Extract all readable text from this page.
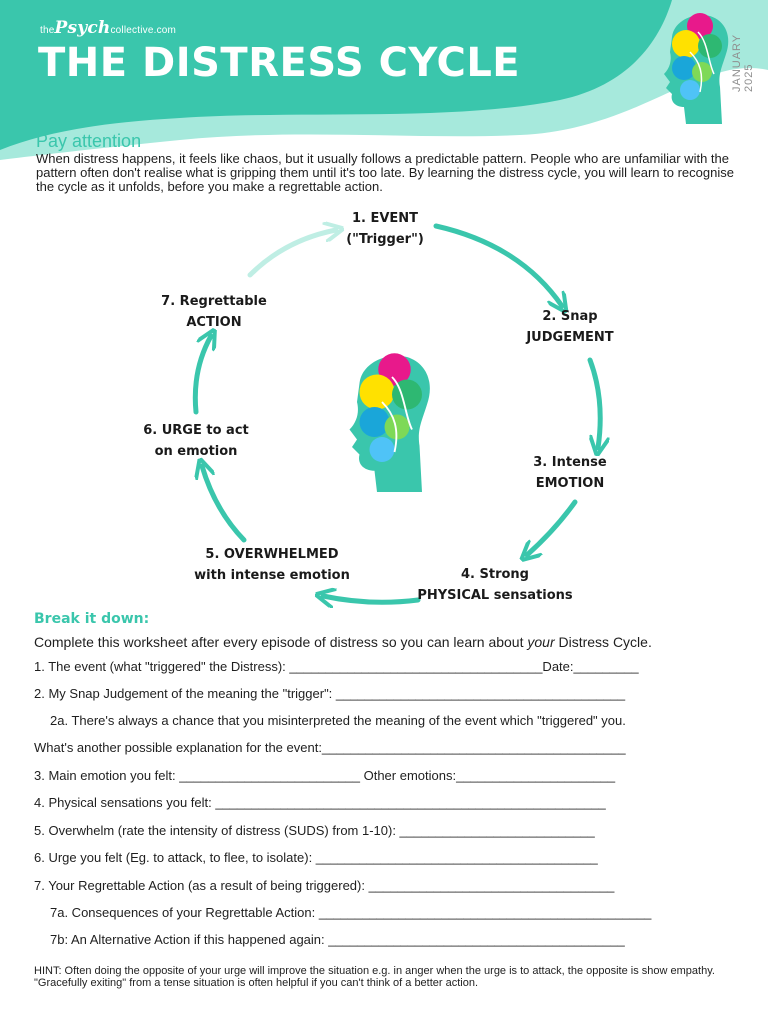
thePsychcollective.com
THE DISTRESS CYCLE	JANUARY 2025
Pay attention

When distress happens, it feels like chaos, but it usually follows a predictable pattern. People who are unfamiliar with the pattern often don't realise what is gripping them until it's too late. By learning the distress cycle, you will learn to recognise the cycle as it unfolds, before you make a regrettable action.

1. EVENT
("Trigger")
2. Snap
JUDGEMENT
3. Intense
EMOTION
4. Strong
PHYSICAL sensations
5. OVERWHELMED
with intense emotion
6. URGE to act
on emotion
7. Regrettable
ACTION
Break it down:

Complete this worksheet after every episode of distress so you can learn about your Distress Cycle.

1. The event (what "triggered" the Distress): ___________________________________Date:_________
2. My Snap Judgement of the meaning the "trigger": ________________________________________
2a. There's always a chance that you misinterpreted the meaning of the event which "triggered" you.
What's another possible explanation for the event:__________________________________________
3. Main emotion you felt: _________________________ Other emotions:______________________
4. Physical sensations you felt: ______________________________________________________
5. Overwhelm (rate the intensity of distress (SUDS) from 1-10): ___________________________
6. Urge you felt (Eg. to attack, to flee, to isolate): _______________________________________
7. Your Regrettable Action (as a result of being triggered): __________________________________
7a. Consequences of your Regrettable Action: ______________________________________________
7b: An Alternative Action if this happened again: _________________________________________

HINT: Often doing the opposite of your urge will improve the situation e.g. in anger when the urge is to attack, the opposite is show empathy. "Gracefully exiting" from a tense situation is often helpful if you can't think of a better action.
